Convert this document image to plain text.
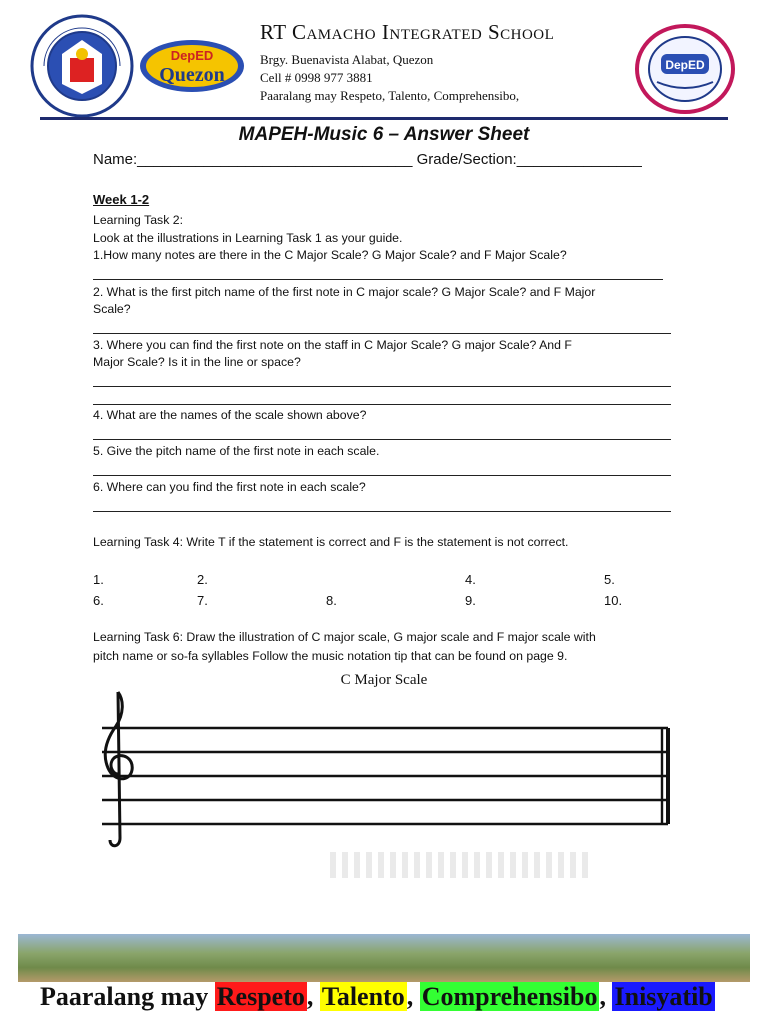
DepED
Quezon	DepED
RT Camacho Integrated School
Brgy. Buenavista Alabat, Quezon
Cell # 0998 977 3881
Paaralang may Respeto, Talento, Comprehensibo,
MAPEH-Music 6 – Answer Sheet
Name:_________________________________ Grade/Section:_______________
Week 1-2
Learning Task 2:
Look at the illustrations in Learning Task 1 as your guide.
1.How many notes are there in the C Major Scale? G Major Scale? and F Major Scale?
2. What is the first pitch name of the first note in C major scale? G Major Scale? and F Major
Scale?
3. Where you can find the first note on the staff in C Major Scale? G major Scale? And F
Major Scale? Is it in the line or space?
4. What are the names of the scale shown above?
5. Give the pitch name of the first note in each scale.
6. Where can you find the first note in each scale?
Learning Task 4: Write T if the statement is correct and F is the statement is not correct.
1.	2.	4.	5.
6.	7.	8.	9.	10.
Learning Task 6: Draw the illustration of C major scale, G major scale and F major scale with
pitch name or so-fa syllables Follow the music notation tip that can be found on page 9.
C Major Scale
Paaralang may Respeto, Talento, Comprehensibo, Inisyatib
